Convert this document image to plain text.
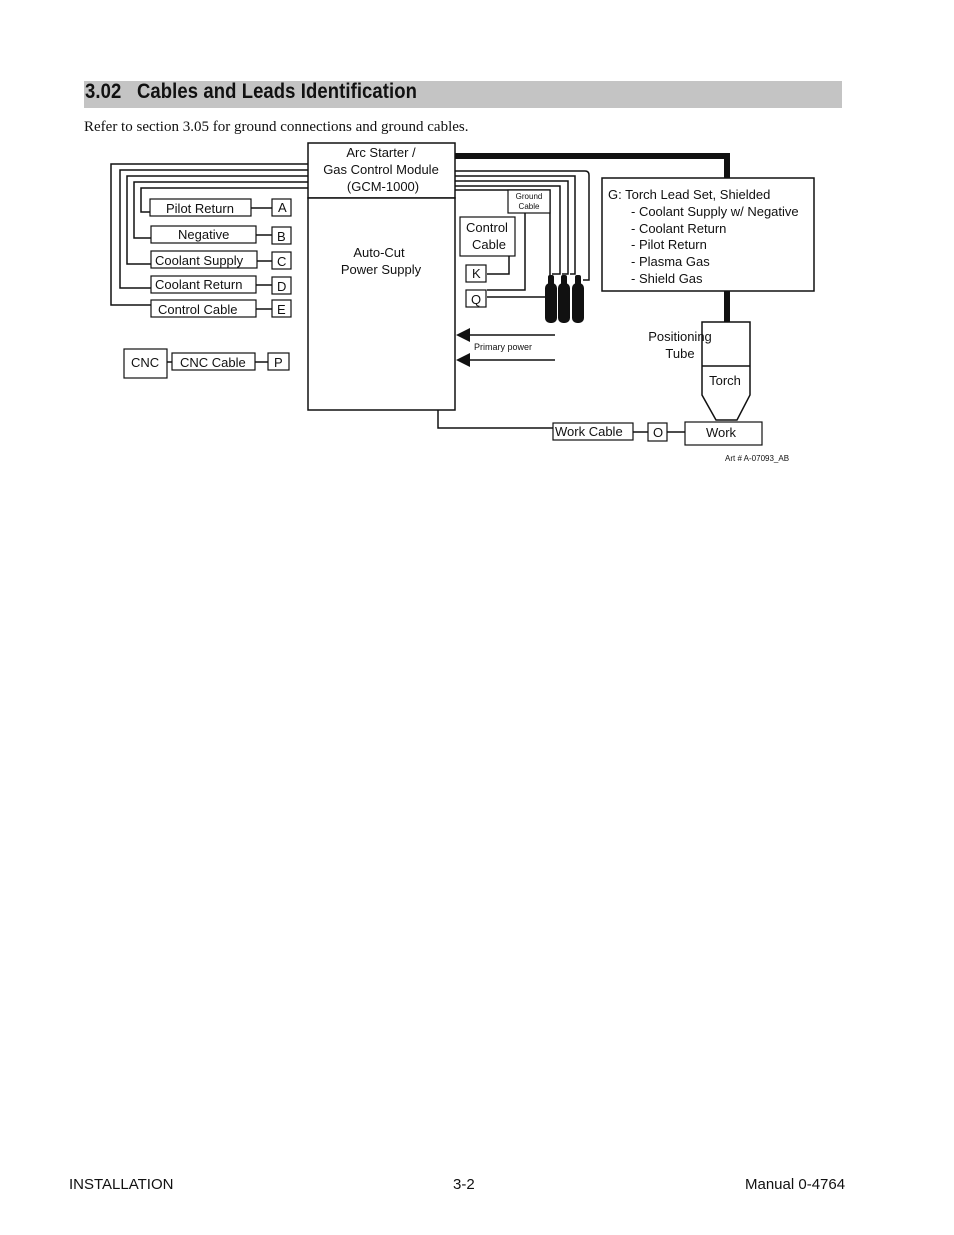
3.02 Cables and Leads Identification
Refer to section 3.05 for ground connections and ground cables.
Arc Starter /
Gas Control Module
(GCM-1000)
Auto-Cut
Power Supply
Pilot Return
Negative
Coolant Supply
Coolant Return
Control Cable
A
B
C
D
E
CNC CNC Cable P
Control
Cable
Ground
Cable
K
Q
Primary power
G: Torch Lead Set, Shielded
- Coolant Supply w/ Negative
- Coolant Return
- Pilot Return
- Plasma Gas
- Shield Gas
Positioning
Tube
Torch
Work Cable O	Work
Art # A-07093_AB
INSTALLATION	3-2	Manual 0-4764
